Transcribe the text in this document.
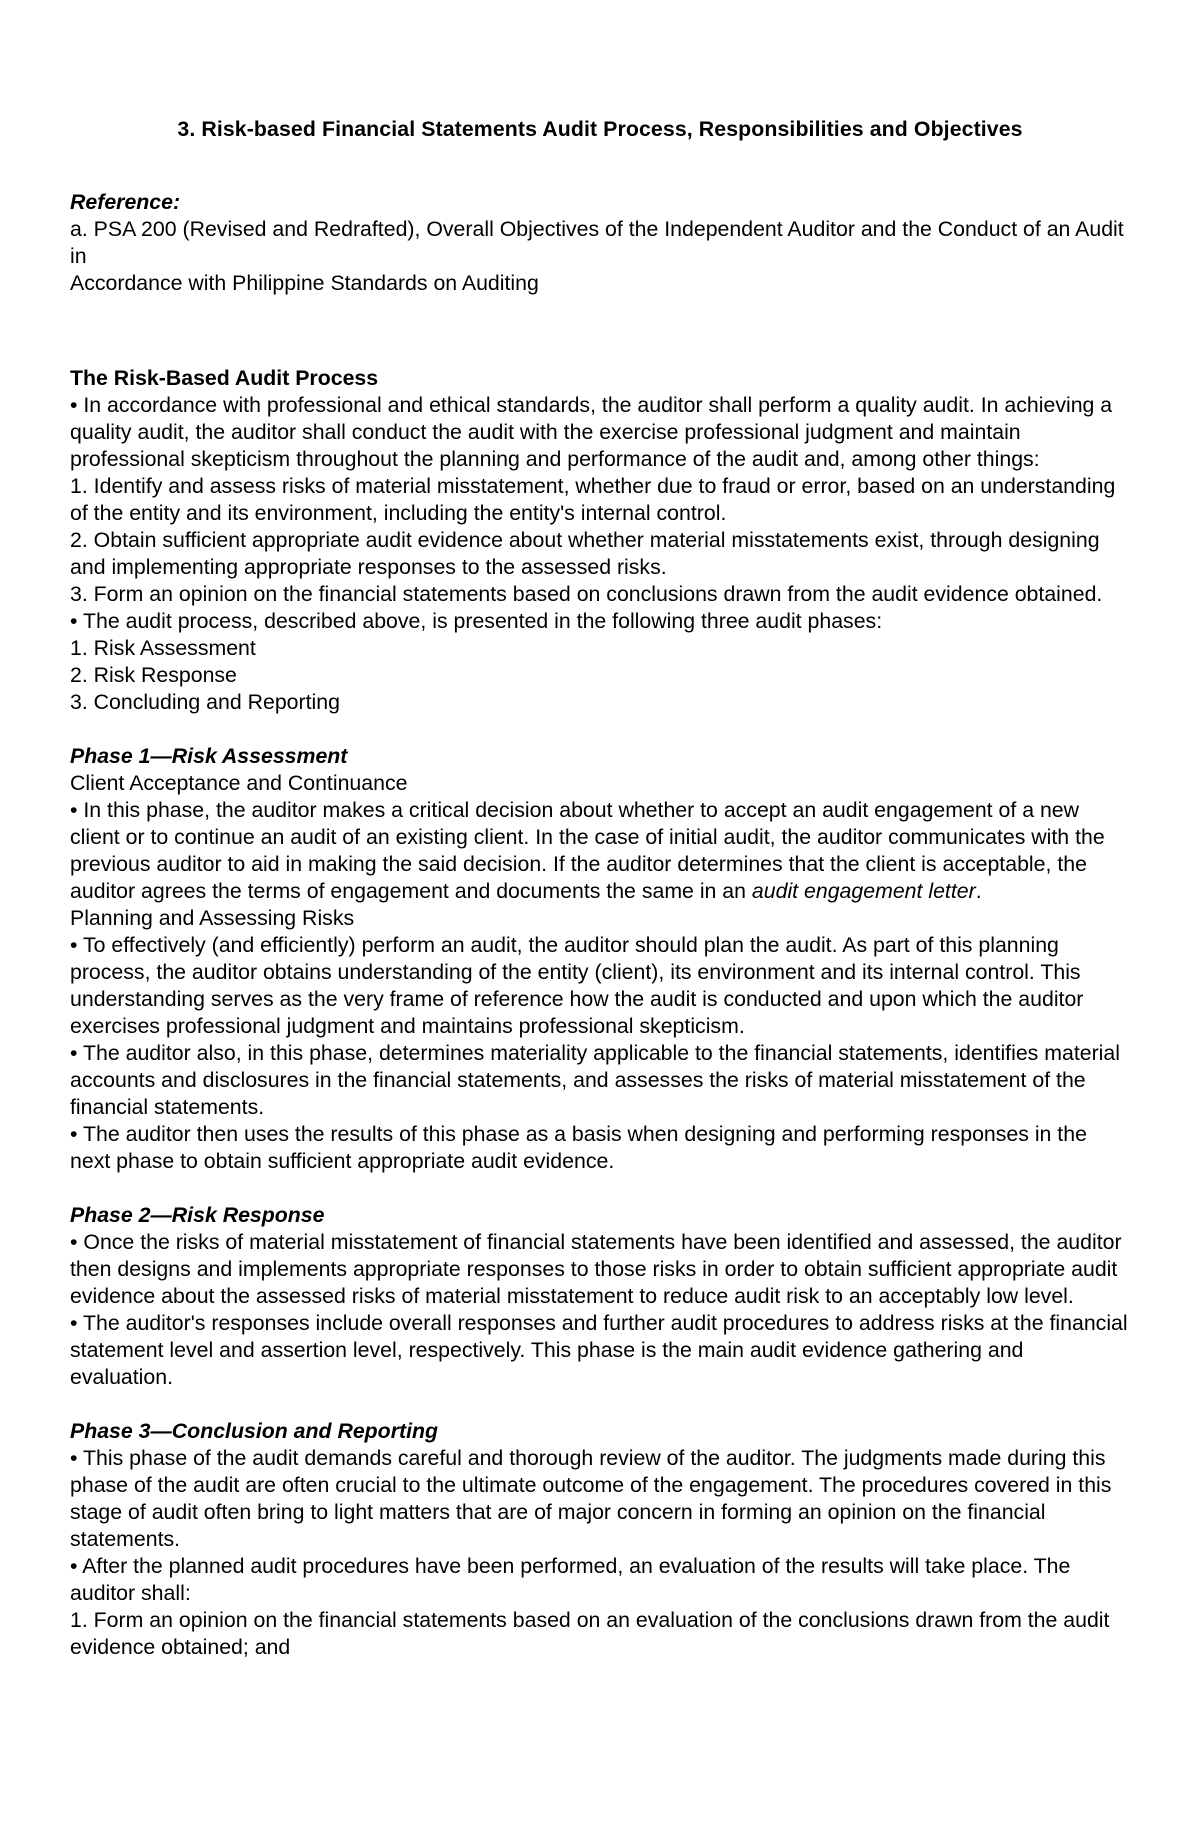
3. Risk-based Financial Statements Audit Process, Responsibilities and Objectives
Reference:
a. PSA 200 (Revised and Redrafted), Overall Objectives of the Independent Auditor and the Conduct of an Audit in
Accordance with Philippine Standards on Auditing
The Risk-Based Audit Process

• In accordance with professional and ethical standards, the auditor shall perform a quality audit. In achieving a quality audit, the auditor shall conduct the audit with the exercise professional judgment and maintain professional skepticism throughout the planning and performance of the audit and, among other things:

1. Identify and assess risks of material misstatement, whether due to fraud or error, based on an understanding of the entity and its environment, including the entity's internal control.

2. Obtain sufficient appropriate audit evidence about whether material misstatements exist, through designing and implementing appropriate responses to the assessed risks.

3. Form an opinion on the financial statements based on conclusions drawn from the audit evidence obtained.

• The audit process, described above, is presented in the following three audit phases:

1. Risk Assessment
2. Risk Response
3. Concluding and Reporting
Phase 1—Risk Assessment
Client Acceptance and Continuance

• In this phase, the auditor makes a critical decision about whether to accept an audit engagement of a new client or to continue an audit of an existing client. In the case of initial audit, the auditor communicates with the previous auditor to aid in making the said decision. If the auditor determines that the client is acceptable, the auditor agrees the terms of engagement and documents the same in an audit engagement letter.

Planning and Assessing Risks

• To effectively (and efficiently) perform an audit, the auditor should plan the audit. As part of this planning process, the auditor obtains understanding of the entity (client), its environment and its internal control. This understanding serves as the very frame of reference how the audit is conducted and upon which the auditor exercises professional judgment and maintains professional skepticism.

• The auditor also, in this phase, determines materiality applicable to the financial statements, identifies material accounts and disclosures in the financial statements, and assesses the risks of material misstatement of the financial statements.

• The auditor then uses the results of this phase as a basis when designing and performing responses in the next phase to obtain sufficient appropriate audit evidence.

Phase 2—Risk Response

• Once the risks of material misstatement of financial statements have been identified and assessed, the auditor then designs and implements appropriate responses to those risks in order to obtain sufficient appropriate audit evidence about the assessed risks of material misstatement to reduce audit risk to an acceptably low level.

• The auditor's responses include overall responses and further audit procedures to address risks at the financial statement level and assertion level, respectively. This phase is the main audit evidence gathering and evaluation.

Phase 3—Conclusion and Reporting

• This phase of the audit demands careful and thorough review of the auditor. The judgments made during this phase of the audit are often crucial to the ultimate outcome of the engagement. The procedures covered in this stage of audit often bring to light matters that are of major concern in forming an opinion on the financial statements.

• After the planned audit procedures have been performed, an evaluation of the results will take place. The auditor shall:

1. Form an opinion on the financial statements based on an evaluation of the conclusions drawn from the audit evidence obtained; and
